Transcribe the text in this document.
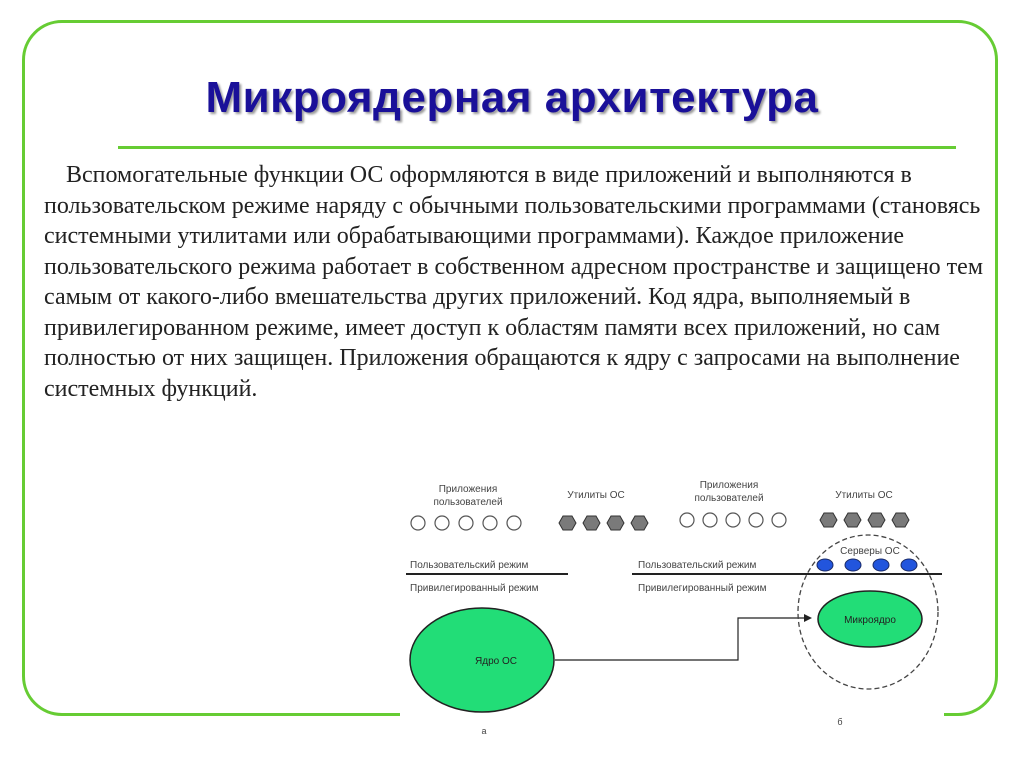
Микроядерная архитектура
Вспомогательные функции ОС оформляются в виде приложений и выполняются в пользовательском режиме наряду с обычными пользовательскими программами (становясь системными утилитами или обрабатывающими программами). Каждое приложение пользовательского режима работает в собственном адресном пространстве и защищено тем самым от какого-либо вмешательства других приложений. Код ядра, выполняемый в привилегированном режиме, имеет доступ к областям памяти всех приложений, но сам полностью от них защищен. Приложения обращаются к ядру с запросами на выполнение системных функций.
Приложения
пользователей
Утилиты ОС
Пользовательский режим
Привилегированный режим
Ядро ОС
а
Приложения
пользователей	Утилиты ОС
Серверы ОС
Пользовательский режим
Привилегированный режим
Микроядро
б
